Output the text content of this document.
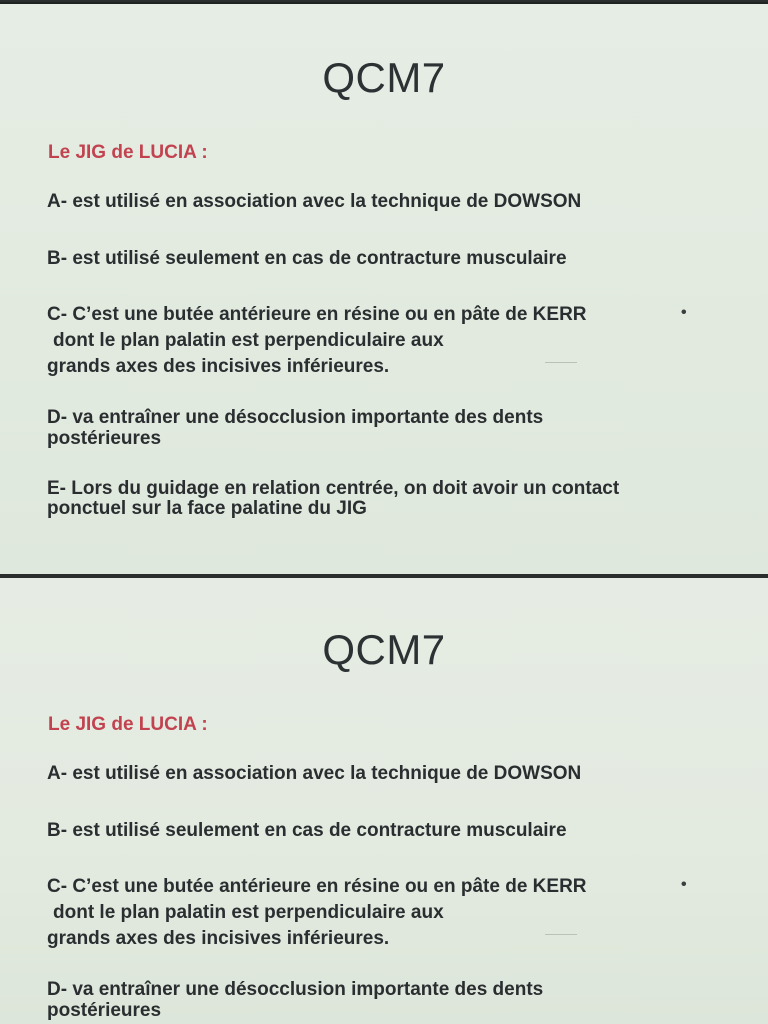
QCM7
Le JIG de LUCIA :
A- est utilisé en association avec la technique de DOWSON
B- est utilisé seulement en cas de contracture musculaire
C- C’est une butée antérieure en résine ou en pâte de KERR
dont le plan palatin est perpendiculaire aux
grands axes des incisives inférieures.
•
D- va entraîner une désocclusion importante des dents
postérieures
E- Lors du guidage en relation centrée, on doit avoir un contact
ponctuel sur la face palatine du JIG
QCM7
Le JIG de LUCIA :
A- est utilisé en association avec la technique de DOWSON
B- est utilisé seulement en cas de contracture musculaire
C- C’est une butée antérieure en résine ou en pâte de KERR
dont le plan palatin est perpendiculaire aux
grands axes des incisives inférieures.
•
D- va entraîner une désocclusion importante des dents
postérieures
